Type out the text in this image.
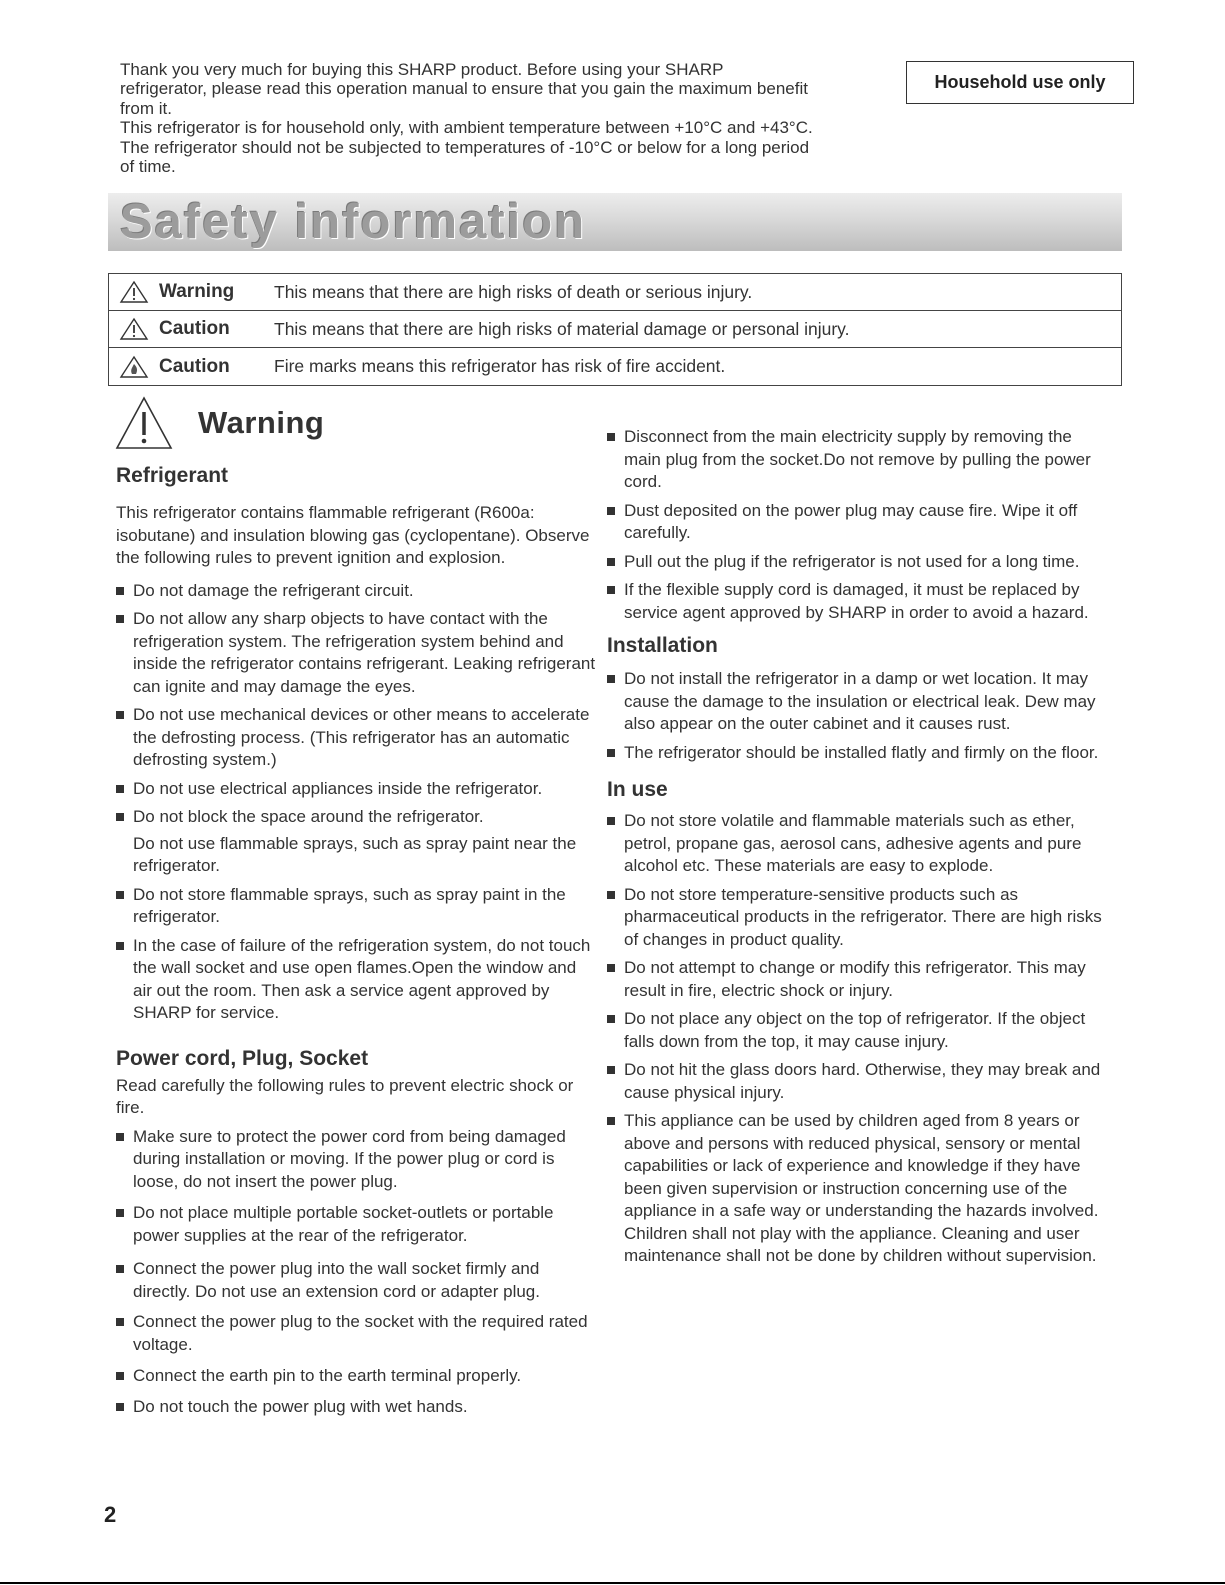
Thank you very much for buying this SHARP product. Before using your SHARP
refrigerator, please read this operation manual to ensure that you gain the maximum benefit
from it.
This refrigerator is for household only, with ambient temperature between +10°C and +43°C.
The refrigerator should not be subjected to temperatures of -10°C or below for a long period
of time.
Household use only
Safety information
Warning	This means that there are high risks of death or serious injury.
Caution	This means that there are high risks of material damage or personal injury.
Caution	Fire marks means this refrigerator has risk of fire accident.
Warning
Refrigerant
This refrigerator contains flammable refrigerant (R600a: isobutane) and insulation blowing gas (cyclopentane). Observe the following rules to prevent ignition and explosion.
Do not damage the refrigerant circuit.
Do not allow any sharp objects to have contact with the refrigeration system. The refrigeration system behind and inside the refrigerator contains refrigerant. Leaking refrigerant can ignite and may damage the eyes.
Do not use mechanical devices or other means to accelerate the defrosting process. (This refrigerator has an automatic defrosting system.)
Do not use electrical appliances inside the refrigerator.
Do not block the space around the refrigerator.
Do not use flammable sprays, such as spray paint near the refrigerator.
Do not store flammable sprays, such as spray paint in the refrigerator.
In the case of failure of the refrigeration system, do not touch the wall socket and use open flames.Open the window and air out the room. Then ask a service agent approved by SHARP for service.
Power cord, Plug, Socket
Read carefully the following rules to prevent electric shock or fire.
Make sure to protect the power cord from being damaged during installation or moving. If the power plug or cord is loose, do not insert the power plug.
Do not place multiple portable socket-outlets or portable power supplies at the rear of the refrigerator.
Connect the power plug into the wall socket firmly and directly. Do not use an extension cord or adapter plug.
Connect the power plug to the socket with the required rated voltage.
Connect the earth pin to the earth terminal properly.
Do not touch the power plug with wet hands.
Disconnect from the main electricity supply by removing the main plug from the socket.Do not remove by pulling the power cord.
Dust deposited on the power plug may cause fire. Wipe it off carefully.
Pull out the plug if the refrigerator is not used for a long time.
If the flexible supply cord is damaged, it must be replaced by service agent approved by SHARP in order to avoid a hazard.
Installation
Do not install the refrigerator in a damp or wet location. It may cause the damage to the insulation or electrical leak. Dew may also appear on the outer cabinet and it causes rust.
The refrigerator should be installed flatly and firmly on the floor.
In use
Do not store volatile and flammable materials such as ether, petrol, propane gas, aerosol cans, adhesive agents and pure alcohol etc. These materials are easy to explode.
Do not store temperature-sensitive products such as pharmaceutical products in the refrigerator. There are high risks of changes in product quality.
Do not attempt to change or modify this refrigerator. This may result in fire, electric shock or injury.
Do not place any object on the top of refrigerator. If the object falls down from the top, it may cause injury.
Do not hit the glass doors hard. Otherwise, they may break and cause physical injury.
This appliance can be used by children aged from 8 years or above and persons with reduced physical, sensory or mental capabilities or lack of experience and knowledge if they have been given supervision or instruction concerning use of the appliance in a safe way or understanding the hazards involved. Children shall not play with the appliance. Cleaning and user maintenance shall not be done by children without supervision.
2
